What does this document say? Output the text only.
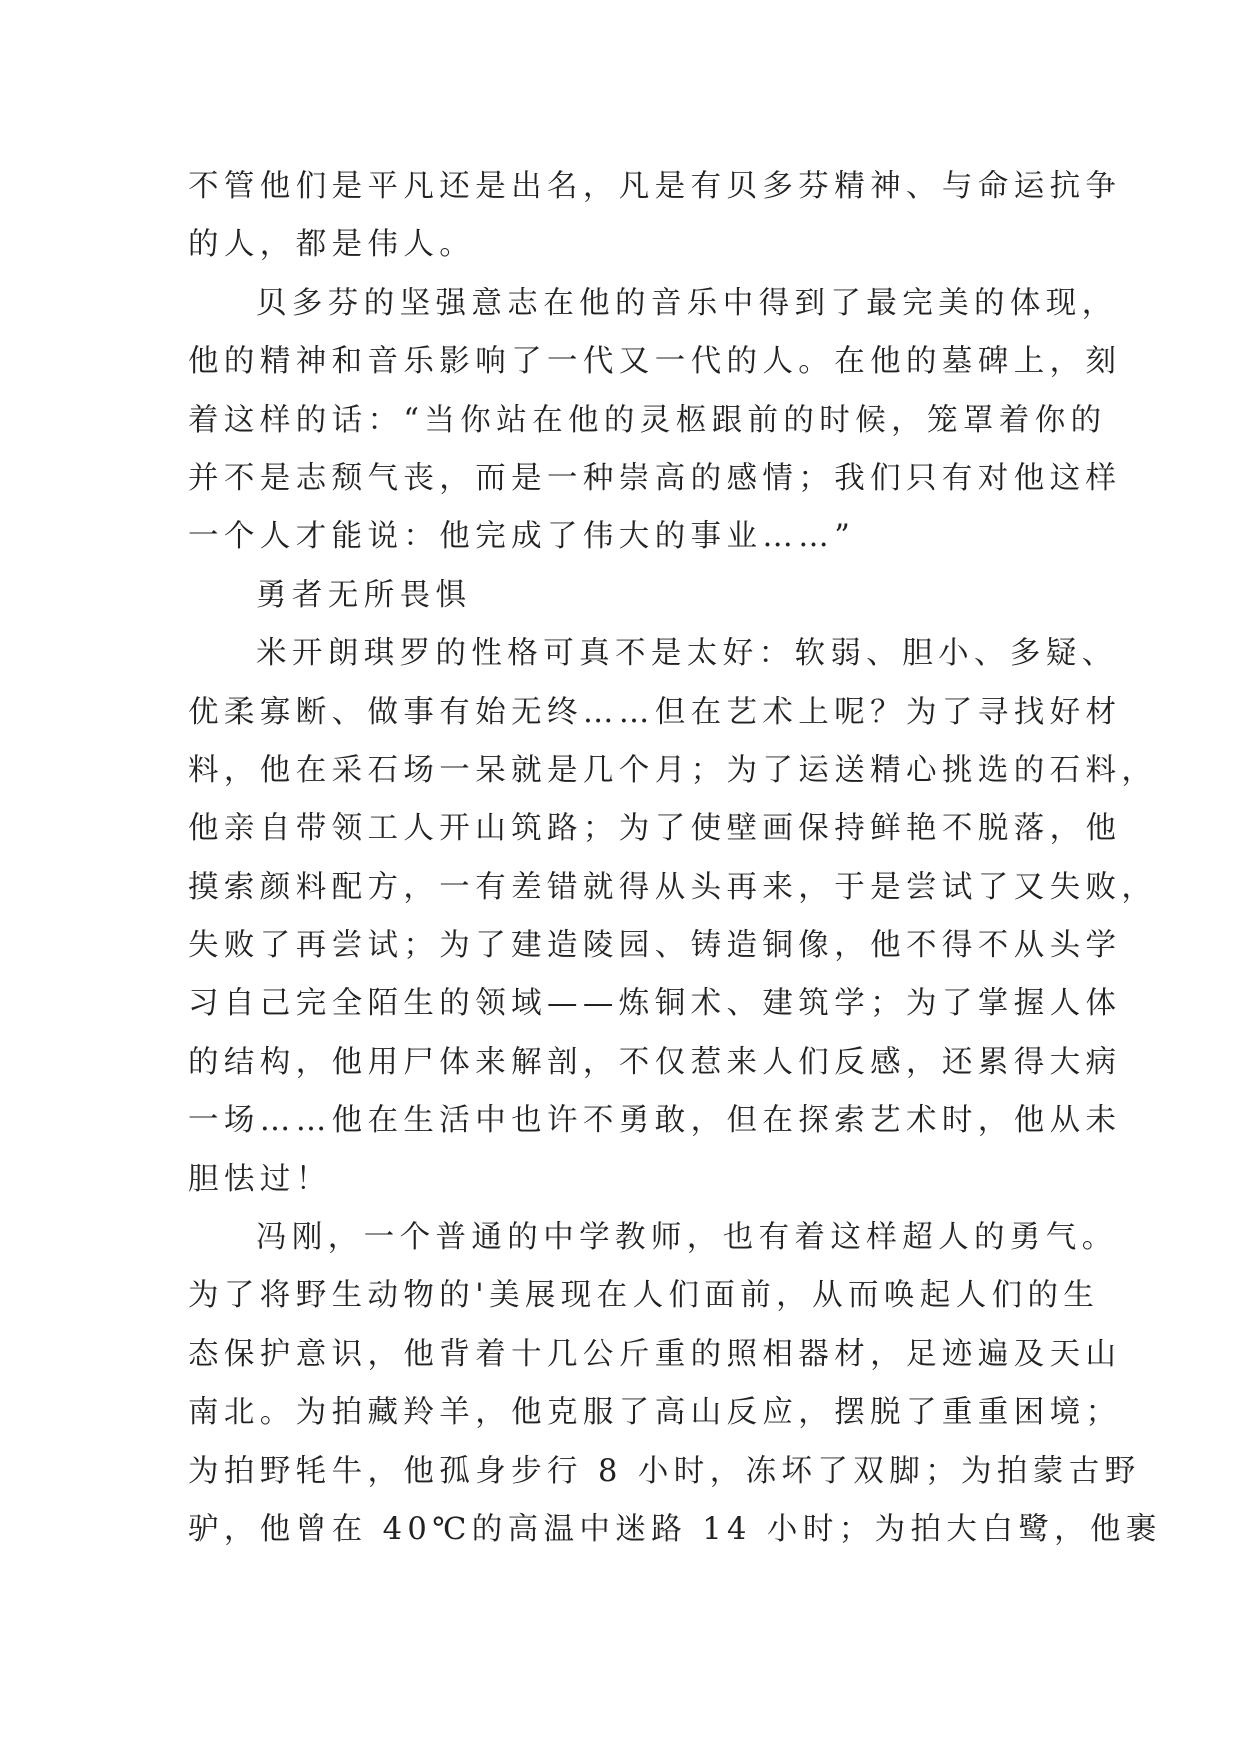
不管他们是平凡还是出名，凡是有贝多芬精神、与命运抗争
的人，都是伟人。
贝多芬的坚强意志在他的音乐中得到了最完美的体现，
他的精神和音乐影响了一代又一代的人。在他的墓碑上，刻
着这样的话：“当你站在他的灵柩跟前的时候，笼罩着你的
并不是志颓气丧，而是一种崇高的感情；我们只有对他这样
一个人才能说：他完成了伟大的事业……”
勇者无所畏惧
米开朗琪罗的性格可真不是太好：软弱、胆小、多疑、
优柔寡断、做事有始无终……但在艺术上呢？为了寻找好材
料，他在采石场一呆就是几个月；为了运送精心挑选的石料，
他亲自带领工人开山筑路；为了使壁画保持鲜艳不脱落，他
摸索颜料配方，一有差错就得从头再来，于是尝试了又失败，
失败了再尝试；为了建造陵园、铸造铜像，他不得不从头学
习自己完全陌生的领域——炼铜术、建筑学；为了掌握人体
的结构，他用尸体来解剖，不仅惹来人们反感，还累得大病
一场……他在生活中也许不勇敢，但在探索艺术时，他从未
胆怯过！
冯刚，一个普通的中学教师，也有着这样超人的勇气。
为了将野生动物的'美展现在人们面前，从而唤起人们的生
态保护意识，他背着十几公斤重的照相器材，足迹遍及天山
南北。为拍藏羚羊，他克服了高山反应，摆脱了重重困境；
为拍野牦牛，他孤身步行 8 小时，冻坏了双脚；为拍蒙古野
驴，他曾在 40℃的高温中迷路 14 小时；为拍大白鹭，他裹
